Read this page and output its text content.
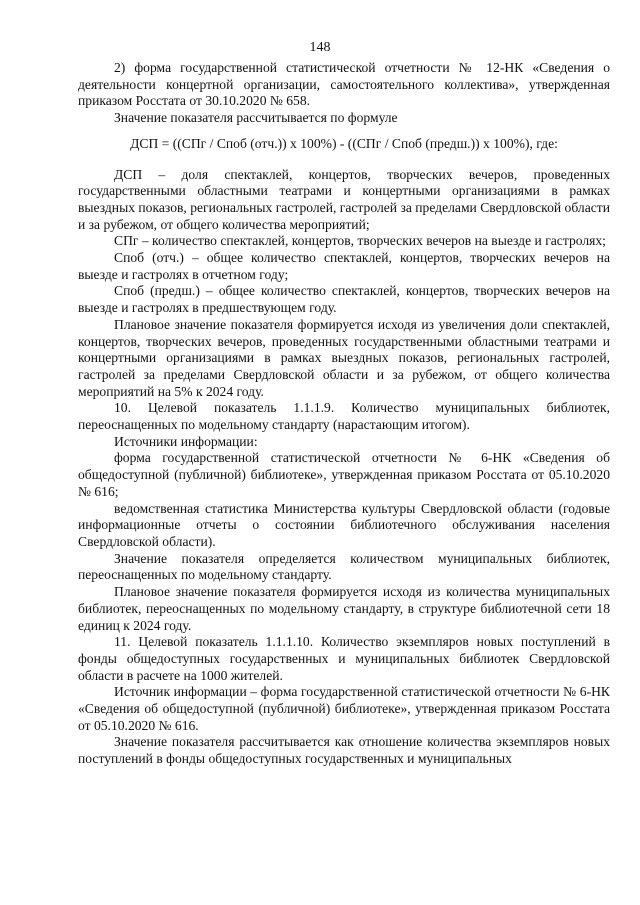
148

2) форма государственной статистической отчетности № 12-НК «Сведения о деятельности концертной организации, самостоятельного коллектива», утвержденная приказом Росстата от 30.10.2020 № 658.

Значение показателя рассчитывается по формуле

ДСП = ((СПг / Споб (отч.)) x 100%) - ((СПг / Споб (предш.)) x 100%), где:

ДСП – доля спектаклей, концертов, творческих вечеров, проведенных государственными областными театрами и концертными организациями в рамках выездных показов, региональных гастролей, гастролей за пределами Свердловской области и за рубежом, от общего количества мероприятий;

СПг – количество спектаклей, концертов, творческих вечеров на выезде и гастролях;

Споб (отч.) – общее количество спектаклей, концертов, творческих вечеров на выезде и гастролях в отчетном году;

Споб (предш.) – общее количество спектаклей, концертов, творческих вечеров на выезде и гастролях в предшествующем году.

Плановое значение показателя формируется исходя из увеличения доли спектаклей, концертов, творческих вечеров, проведенных государственными областными театрами и концертными организациями в рамках выездных показов, региональных гастролей, гастролей за пределами Свердловской области и за рубежом, от общего количества мероприятий на 5% к 2024 году.

10. Целевой показатель 1.1.1.9. Количество муниципальных библиотек, переоснащенных по модельному стандарту (нарастающим итогом).

Источники информации:

форма государственной статистической отчетности № 6-НК «Сведения об общедоступной (публичной) библиотеке», утвержденная приказом Росстата от 05.10.2020 № 616;

ведомственная статистика Министерства культуры Свердловской области (годовые информационные отчеты о состоянии библиотечного обслуживания населения Свердловской области).

Значение показателя определяется количеством муниципальных библиотек, переоснащенных по модельному стандарту.

Плановое значение показателя формируется исходя из количества муниципальных библиотек, переоснащенных по модельному стандарту, в структуре библиотечной сети 18 единиц к 2024 году.

11. Целевой показатель 1.1.1.10. Количество экземпляров новых поступлений в фонды общедоступных государственных и муниципальных библиотек Свердловской области в расчете на 1000 жителей.

Источник информации – форма государственной статистической отчетности № 6-НК «Сведения об общедоступной (публичной) библиотеке», утвержденная приказом Росстата от 05.10.2020 № 616.

Значение показателя рассчитывается как отношение количества экземпляров новых поступлений в фонды общедоступных государственных и муниципальных
